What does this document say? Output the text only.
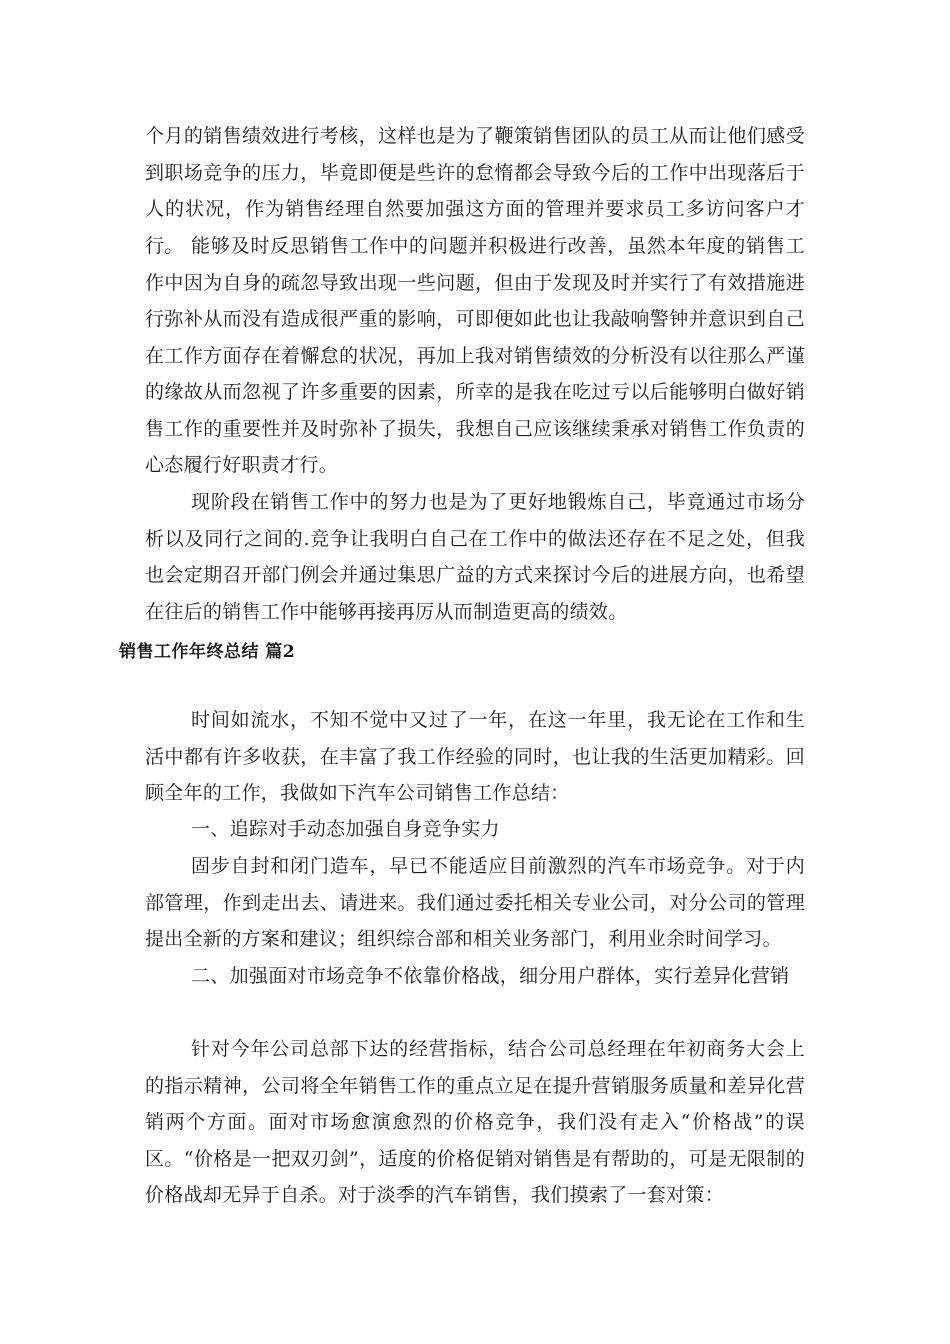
个月的销售绩效进行考核，这样也是为了鞭策销售团队的员工从而让他们感受到职场竞争的压力，毕竟即便是些许的怠惰都会导致今后的工作中出现落后于人的状况，作为销售经理自然要加强这方面的管理并要求员工多访问客户才行。 能够及时反思销售工作中的问题并积极进行改善，虽然本年度的销售工作中因为自身的疏忽导致出现一些问题，但由于发现及时并实行了有效措施进行弥补从而没有造成很严重的影响，可即便如此也让我敲响警钟并意识到自己在工作方面存在着懈怠的状况，再加上我对销售绩效的分析没有以往那么严谨的缘故从而忽视了许多重要的因素，所幸的是我在吃过亏以后能够明白做好销售工作的重要性并及时弥补了损失，我想自己应该继续秉承对销售工作负责的心态履行好职责才行。

现阶段在销售工作中的努力也是为了更好地锻炼自己，毕竟通过市场分析以及同行之间的.竞争让我明白自己在工作中的做法还存在不足之处，但我也会定期召开部门例会并通过集思广益的方式来探讨今后的进展方向，也希望在往后的销售工作中能够再接再厉从而制造更高的绩效。

销售工作年终总结 篇2

时间如流水，不知不觉中又过了一年，在这一年里，我无论在工作和生活中都有许多收获，在丰富了我工作经验的同时，也让我的生活更加精彩。回顾全年的工作，我做如下汽车公司销售工作总结：

一、追踪对手动态加强自身竞争实力

固步自封和闭门造车，早已不能适应目前激烈的汽车市场竞争。对于内部管理，作到走出去、请进来。我们通过委托相关专业公司，对分公司的管理提出全新的方案和建议；组织综合部和相关业务部门，利用业余时间学习。

二、加强面对市场竞争不依靠价格战，细分用户群体，实行差异化营销

针对今年公司总部下达的经营指标，结合公司总经理在年初商务大会上的指示精神，公司将全年销售工作的重点立足在提升营销服务质量和差异化营销两个方面。面对市场愈演愈烈的价格竞争，我们没有走入“价格战”的误区。“价格是一把双刃剑”，适度的价格促销对销售是有帮助的，可是无限制的价格战却无异于自杀。对于淡季的汽车销售，我们摸索了一套对策：
